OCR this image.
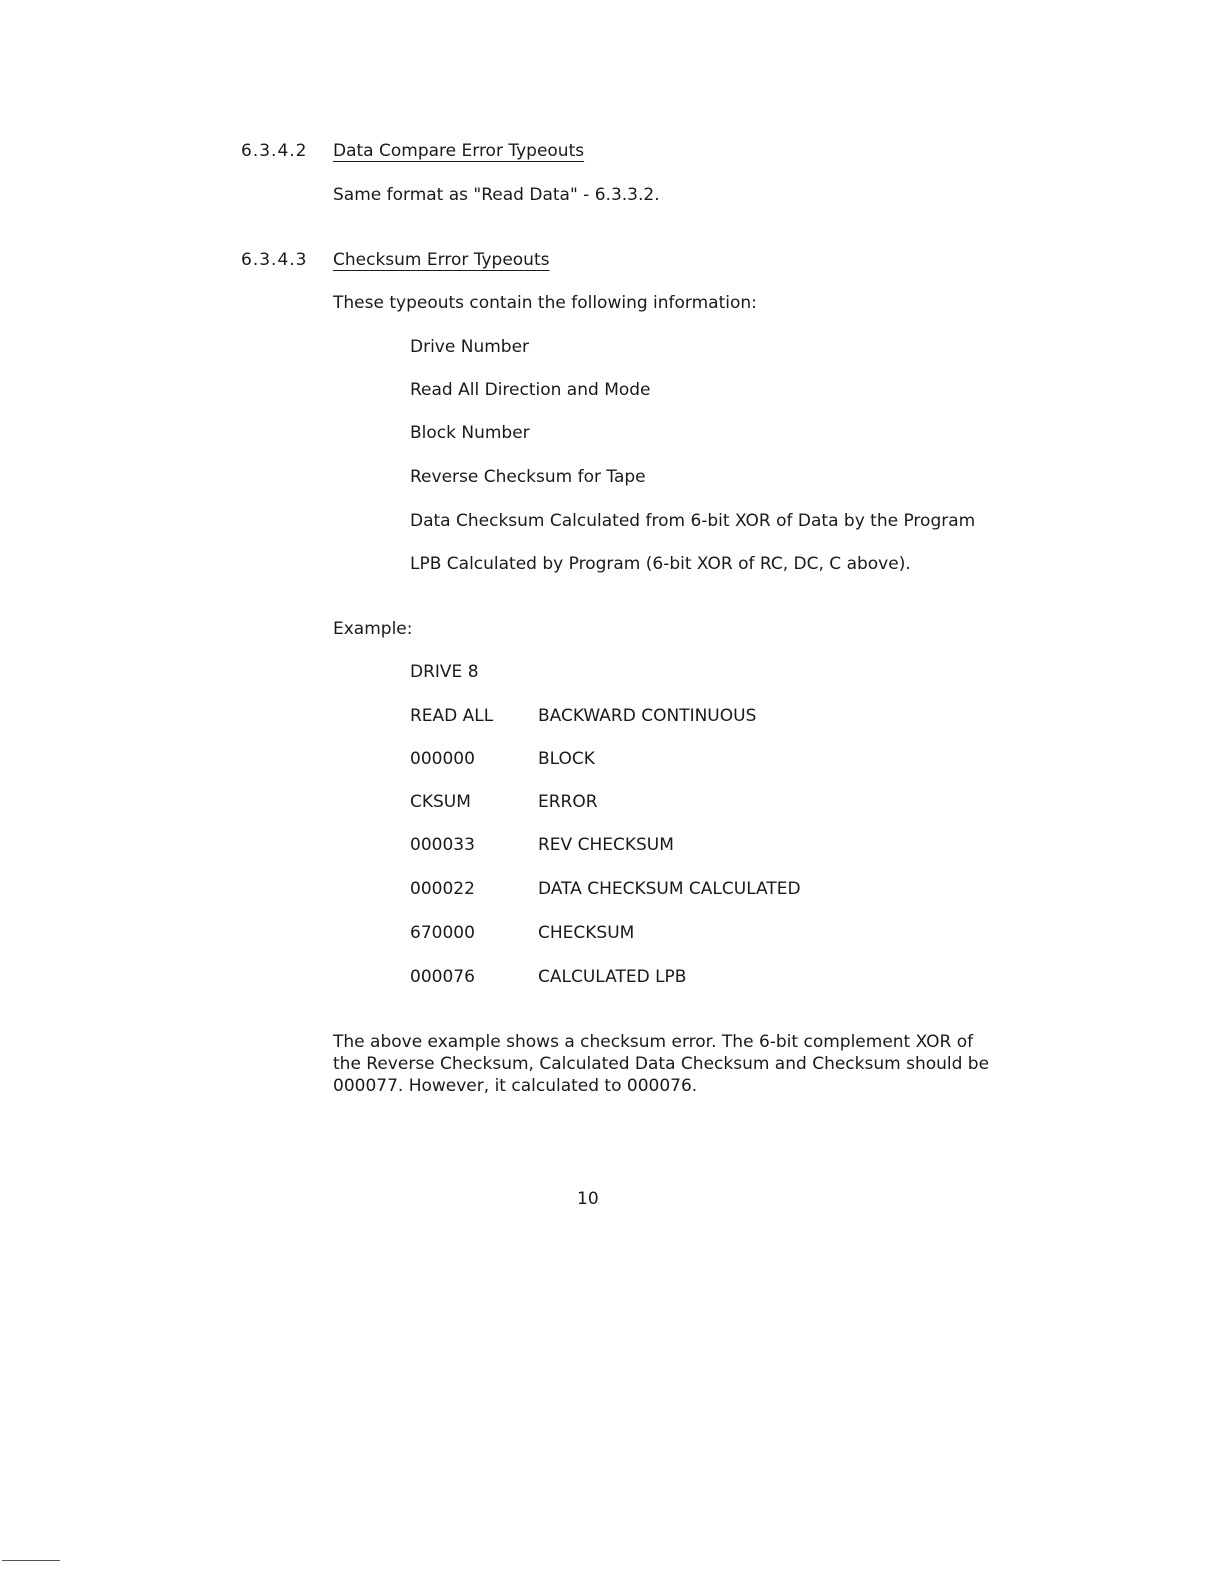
6.3.4.2 Data Compare Error Typeouts
Same format as "Read Data" - 6.3.3.2.
6.3.4.3 Checksum Error Typeouts
These typeouts contain the following information:
Drive Number
Read All Direction and Mode
Block Number
Reverse Checksum for Tape
Data Checksum Calculated from 6-bit XOR of Data by the Program
LPB Calculated by Program (6-bit XOR of RC, DC, C above).
Example:
DRIVE 8
READ ALL	BACKWARD CONTINUOUS
000000	BLOCK
CKSUM	ERROR
000033	REV CHECKSUM
000022	DATA CHECKSUM CALCULATED
670000	CHECKSUM
000076	CALCULATED LPB
The above example shows a checksum error. The 6-bit complement XOR of
the Reverse Checksum, Calculated Data Checksum and Checksum should be
000077. However, it calculated to 000076.
10
